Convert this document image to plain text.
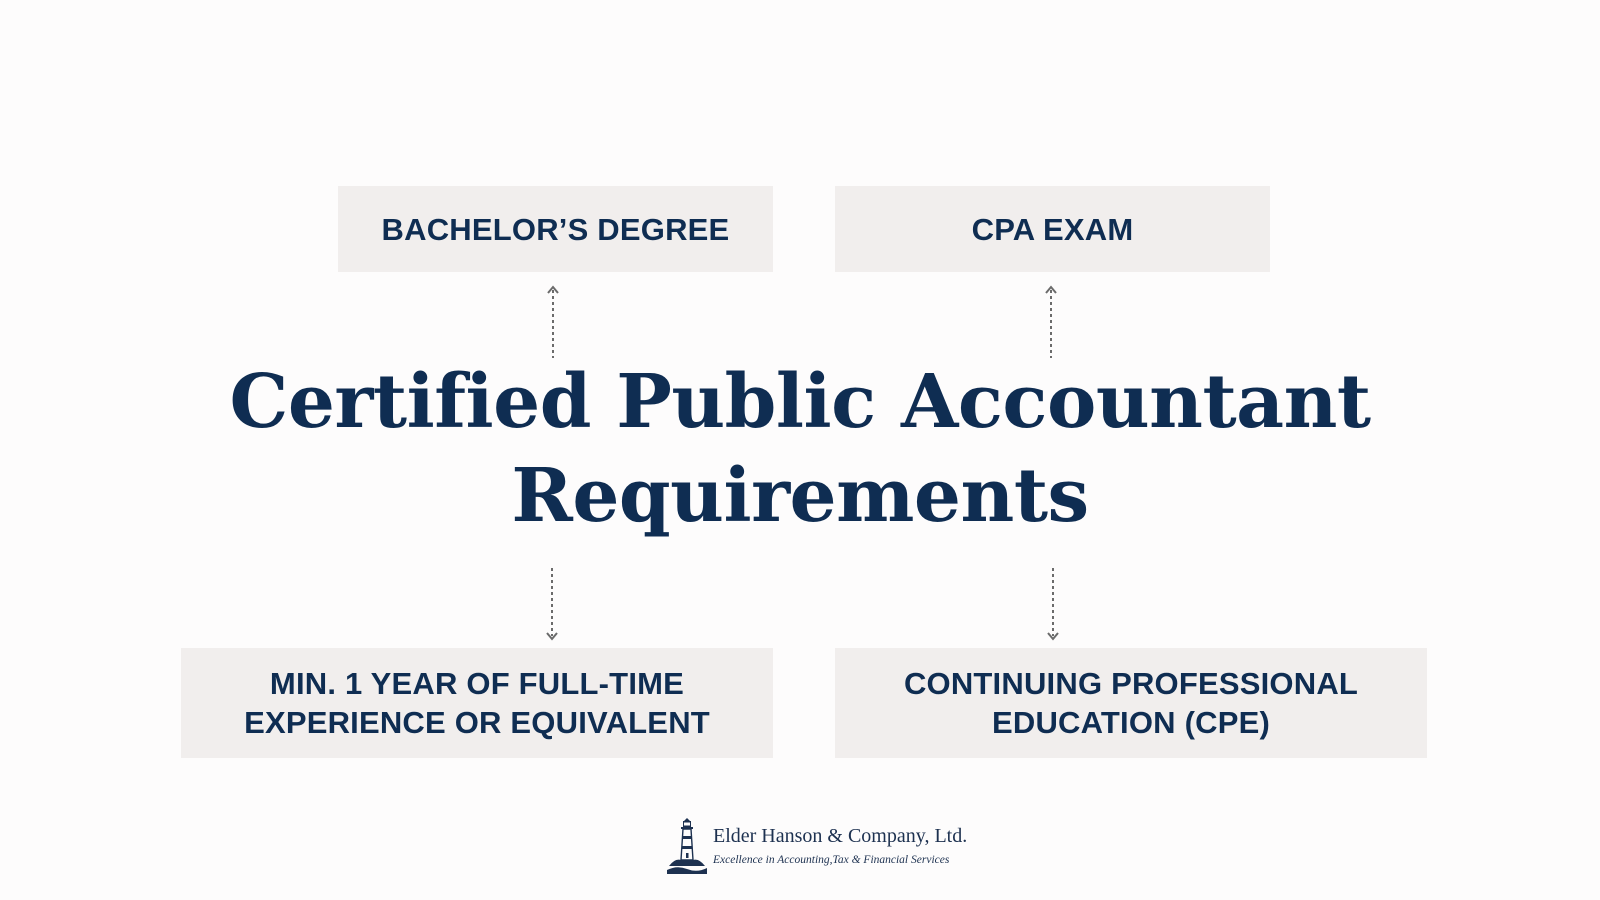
BACHELOR’S DEGREE	CPA EXAM
Certified Public Accountant
Requirements
MIN. 1 YEAR OF FULL-TIME
EXPERIENCE OR EQUIVALENT
CONTINUING PROFESSIONAL
EDUCATION (CPE)
Elder Hanson & Company, Ltd.
Excellence in Accounting,Tax & Financial Services
